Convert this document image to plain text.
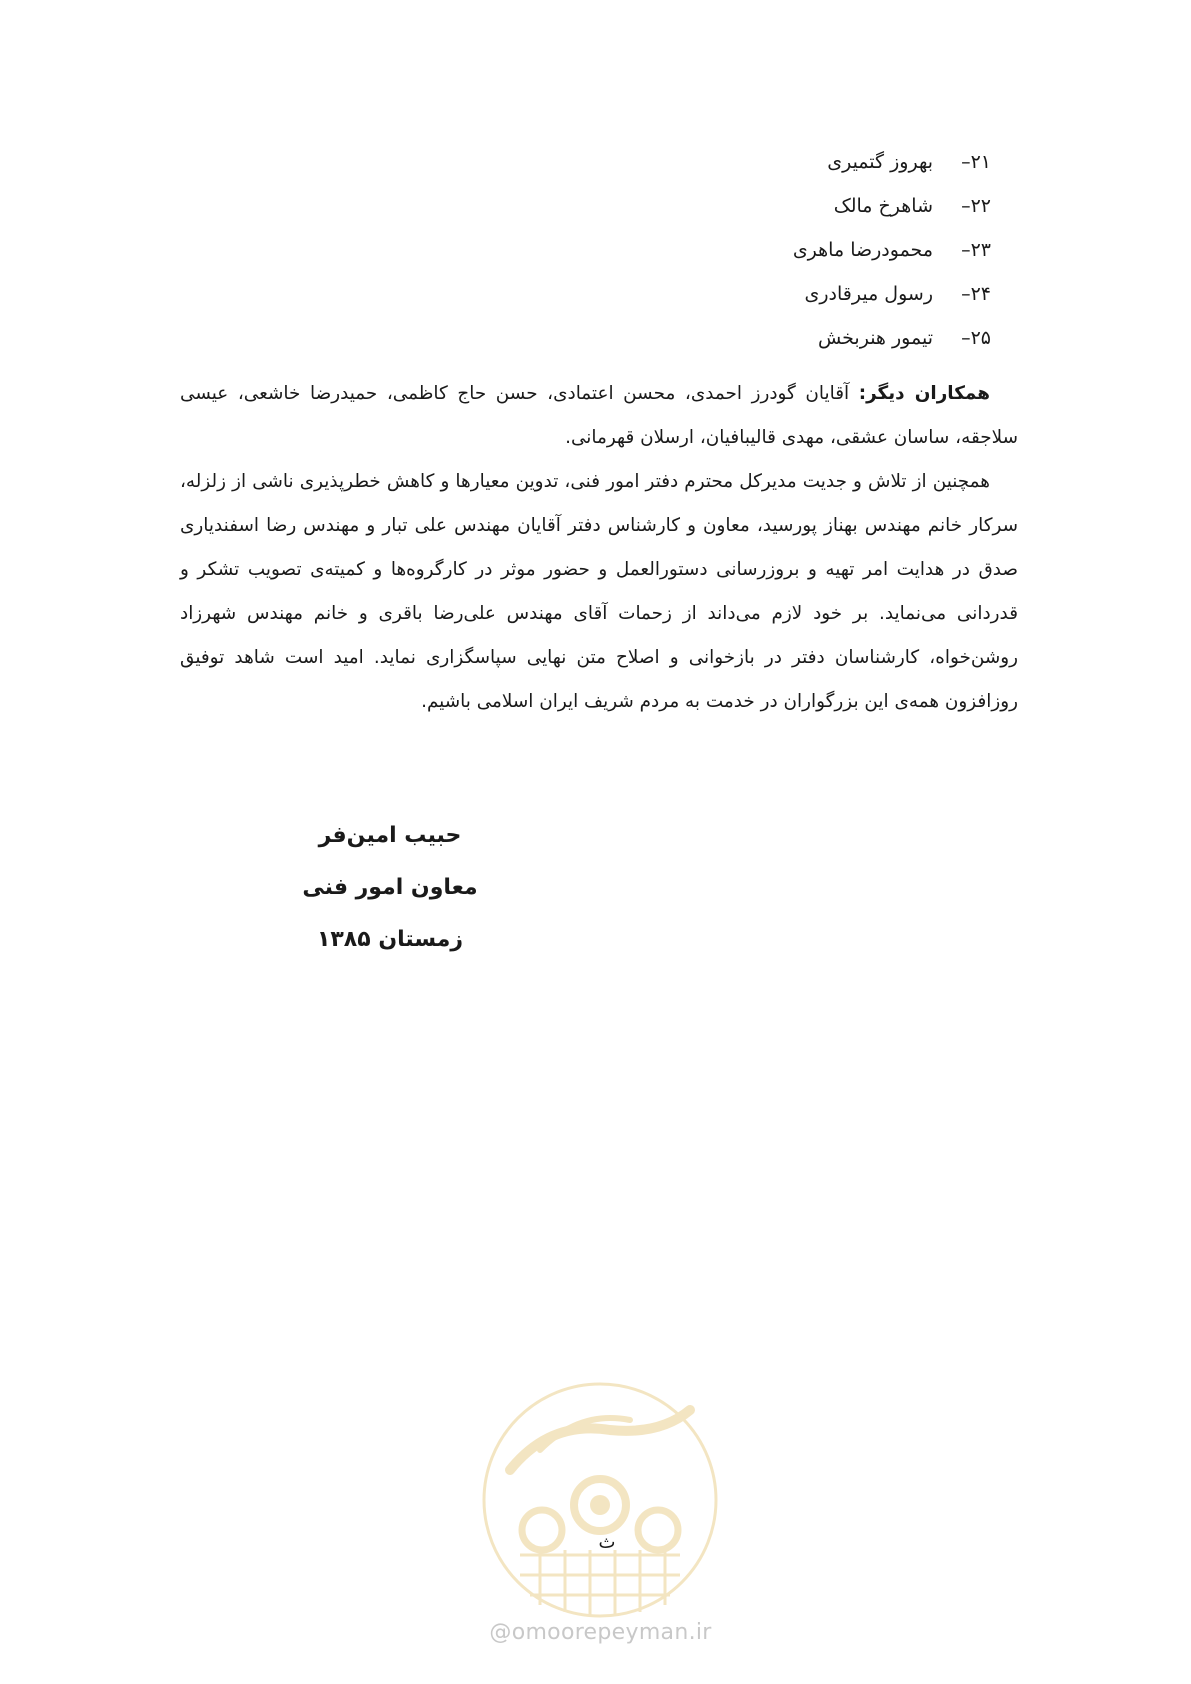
۲۱–
بهروز گتمیری
۲۲–
شاهرخ مالک
۲۳–
محمودرضا ماهری
۲۴–
رسول میرقادری
۲۵–
تیمور هنربخش

همکاران دیگر: آقایان گودرز احمدی، محسن اعتمادی، حسن حاج کاظمی، حمیدرضا خاشعی، عیسی سلاجقه، ساسان عشقی، مهدی قالیبافیان، ارسلان قهرمانی.

همچنین از تلاش و جدیت مدیرکل محترم دفتر امور فنی، تدوین معیارها و کاهش خطرپذیری ناشی از زلزله، سرکار خانم مهندس بهناز پورسید، معاون و کارشناس دفتر آقایان مهندس علی تبار و مهندس رضا اسفندیاری صدق در هدایت امر تهیه و بروزرسانی دستورالعمل و حضور موثر در کارگروه‌ها و کمیته‌ی تصویب تشکر و قدردانی می‌نماید. بر خود لازم می‌داند از زحمات آقای مهندس علی‌رضا باقری و خانم مهندس شهرزاد روشن‌خواه، کارشناسان دفتر در بازخوانی و اصلاح متن نهایی سپاسگزاری نماید. امید است شاهد توفیق روزافزون همه‌ی این بزرگواران در خدمت به مردم شریف ایران اسلامی باشیم.

حبیب امین‌فر
معاون امور فنی
زمستان ۱۳۸۵
ث
@omoorepeyman.ir
